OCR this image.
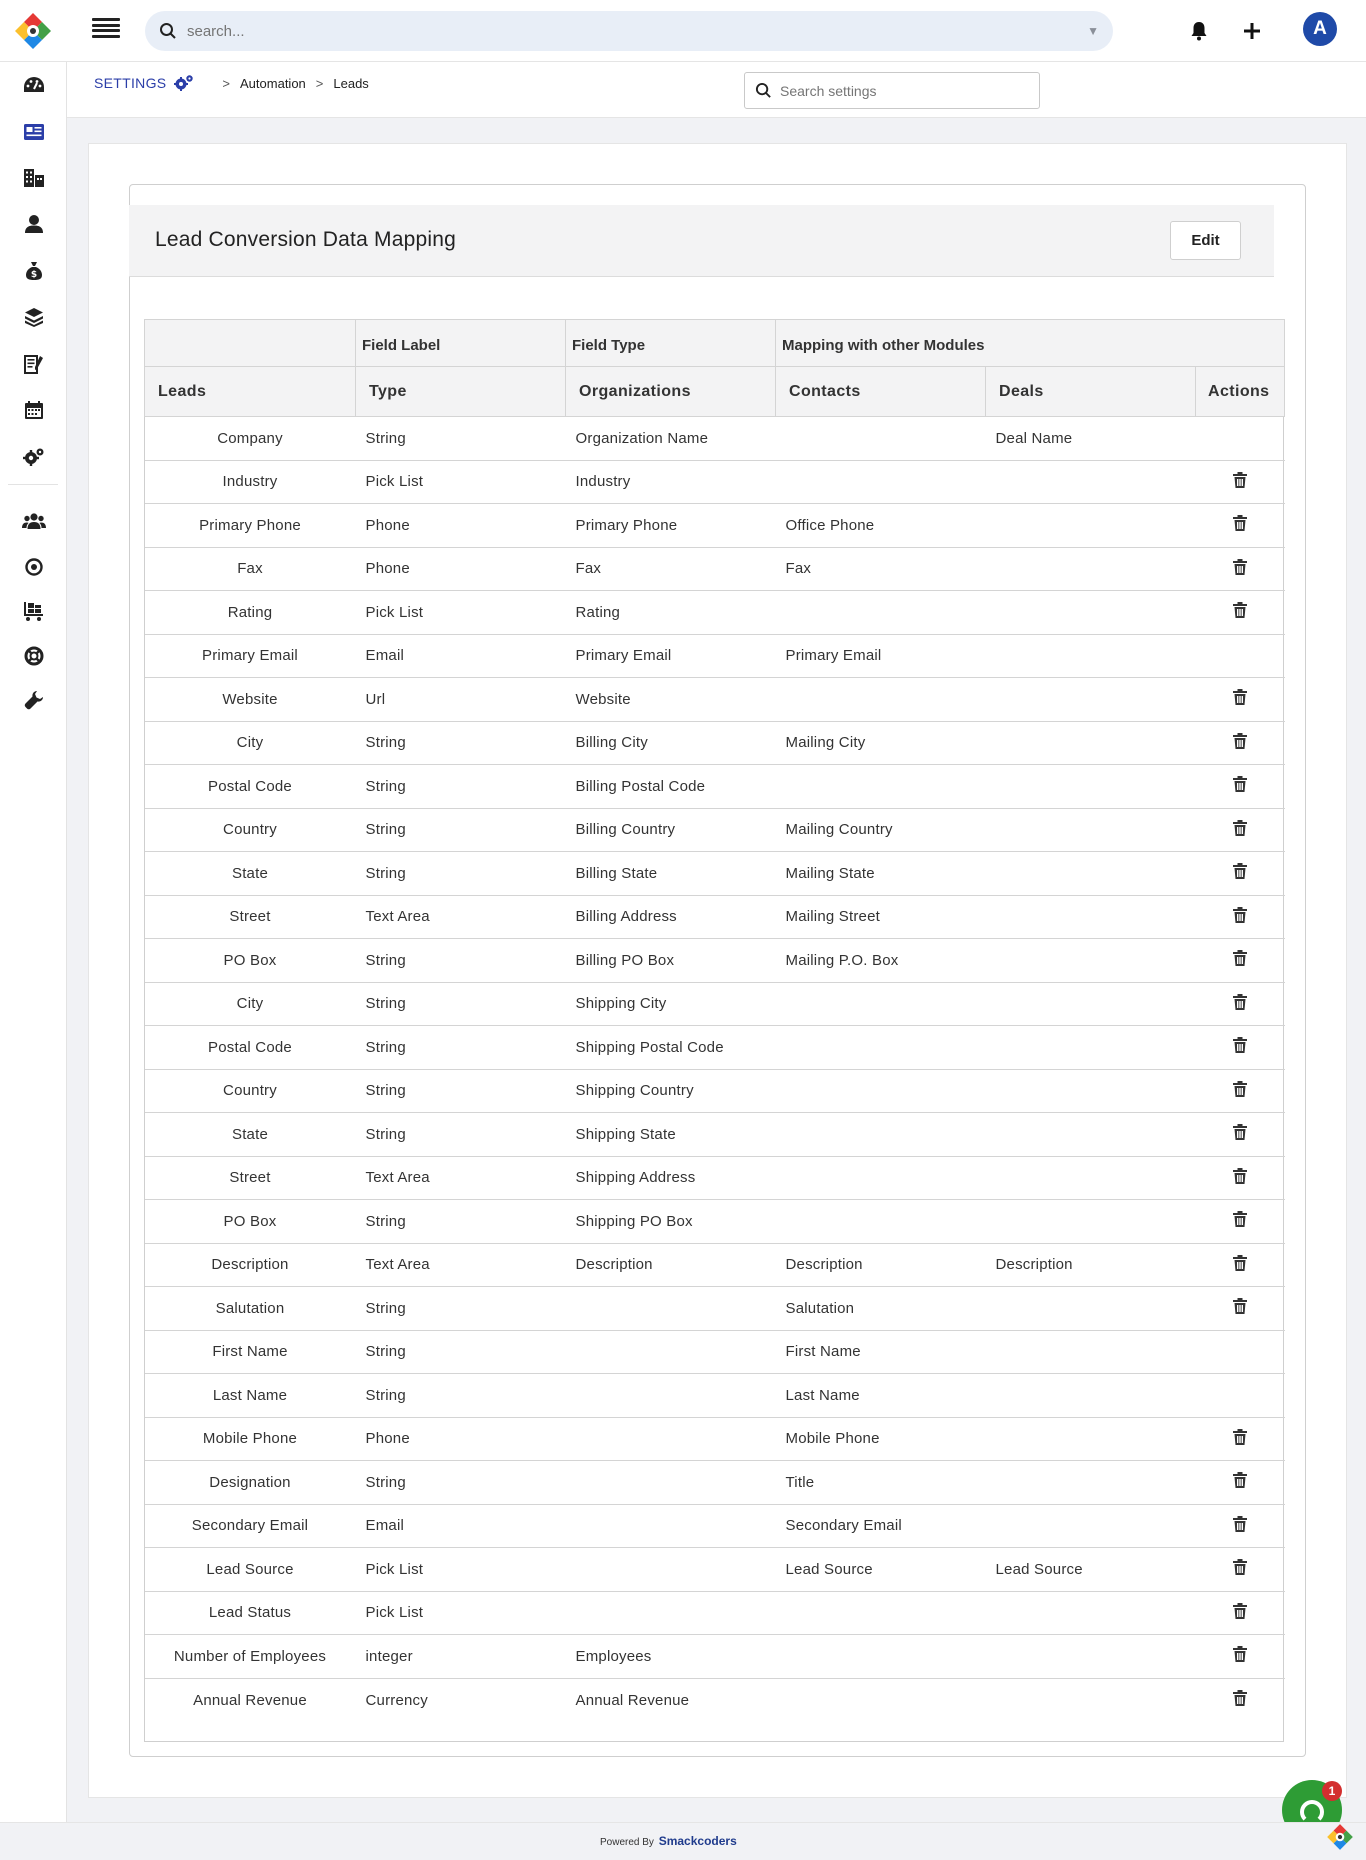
search...
▼	A
$
SETTINGS	> Automation > Leads
Search settings
Lead Conversion Data Mapping	Edit
	Field Label	Field Type	Mapping with other Modules		
Leads	Type	Organizations	Contacts	Deals	Actions
Company	String	Organization Name		Deal Name	
Industry	Pick List	Industry			
Primary Phone	Phone	Primary Phone	Office Phone		
Fax	Phone	Fax	Fax		
Rating	Pick List	Rating			
Primary Email	Email	Primary Email	Primary Email		
Website	Url	Website			
City	String	Billing City	Mailing City		
Postal Code	String	Billing Postal Code			
Country	String	Billing Country	Mailing Country		
State	String	Billing State	Mailing State		
Street	Text Area	Billing Address	Mailing Street		
PO Box	String	Billing PO Box	Mailing P.O. Box		
City	String	Shipping City			
Postal Code	String	Shipping Postal Code			
Country	String	Shipping Country			
State	String	Shipping State			
Street	Text Area	Shipping Address			
PO Box	String	Shipping PO Box			
Description	Text Area	Description	Description	Description	
Salutation	String		Salutation		
First Name	String		First Name		
Last Name	String		Last Name		
Mobile Phone	Phone		Mobile Phone		
Designation	String		Title		
Secondary Email	Email		Secondary Email		
Lead Source	Pick List		Lead Source	Lead Source	
Lead Status	Pick List				
Number of Employees	integer	Employees			
Annual Revenue	Currency	Annual Revenue			
1
Powered By Smackcoders
